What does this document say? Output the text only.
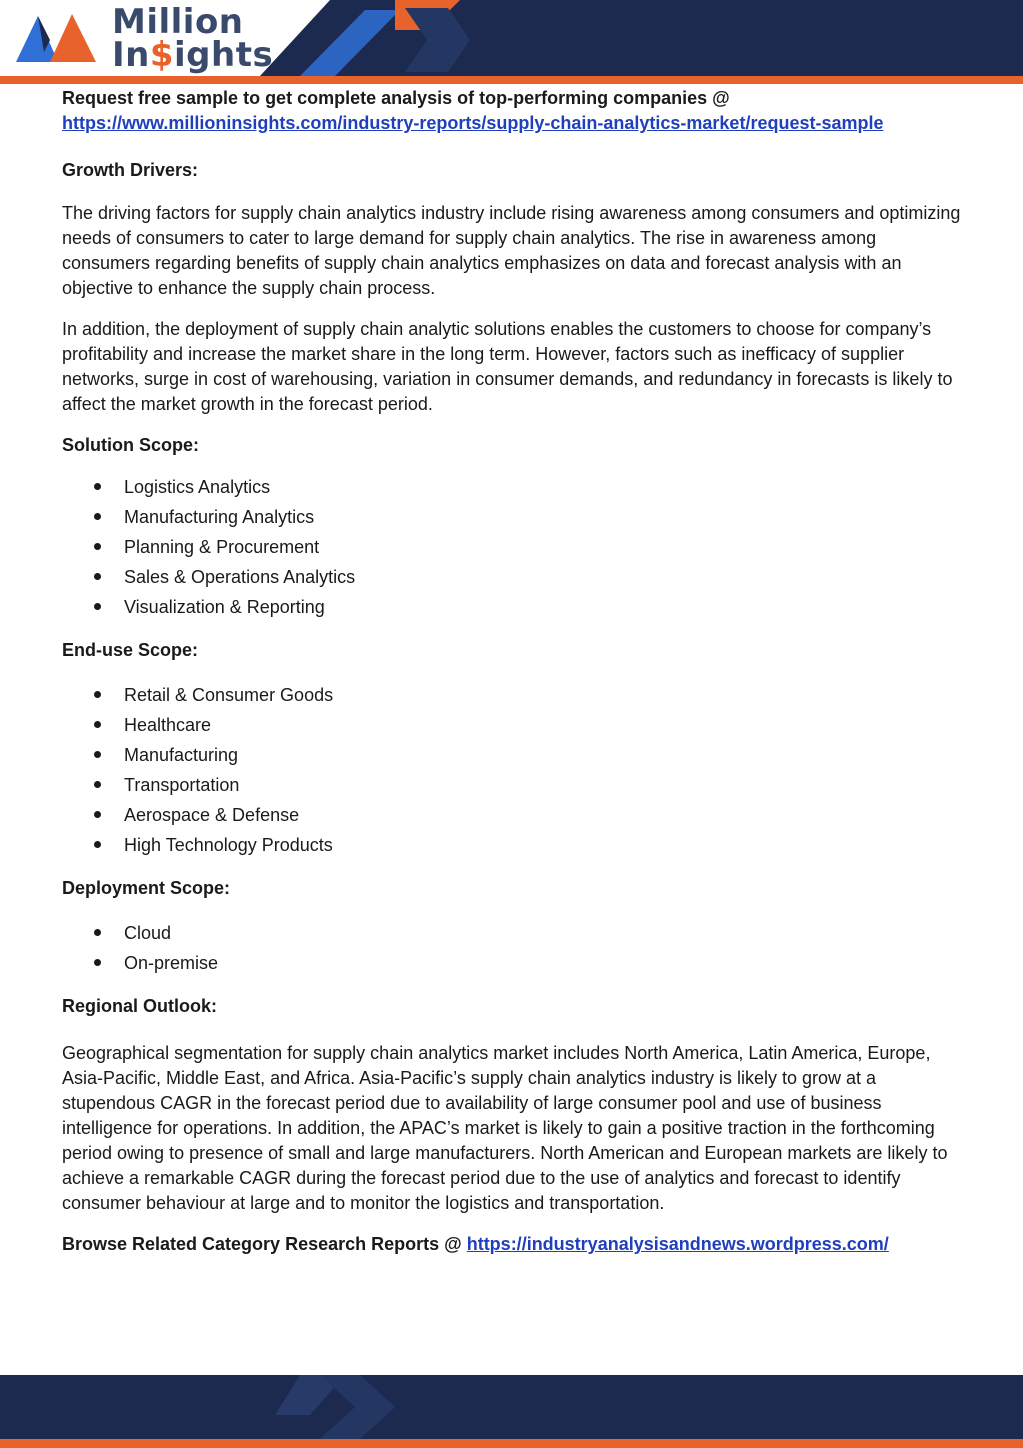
Million
In$ights

Request free sample to get complete analysis of top-performing companies @

https://www.millioninsights.com/industry-reports/supply-chain-analytics-market/request-sample

Growth Drivers:

The driving factors for supply chain analytics industry include rising awareness among consumers and optimizing needs of consumers to cater to large demand for supply chain analytics. The rise in awareness among consumers regarding benefits of supply chain analytics emphasizes on data and forecast analysis with an objective to enhance the supply chain process.

In addition, the deployment of supply chain analytic solutions enables the customers to choose for company’s profitability and increase the market share in the long term. However, factors such as inefficacy of supplier networks, surge in cost of warehousing, variation in consumer demands, and redundancy in forecasts is likely to affect the market growth in the forecast period.

Solution Scope:

Logistics Analytics
Manufacturing Analytics
Planning & Procurement
Sales & Operations Analytics
Visualization & Reporting

End-use Scope:

Retail & Consumer Goods
Healthcare
Manufacturing
Transportation
Aerospace & Defense
High Technology Products

Deployment Scope:

Cloud
On-premise

Regional Outlook:

Geographical segmentation for supply chain analytics market includes North America, Latin America, Europe, Asia-Pacific, Middle East, and Africa. Asia-Pacific’s supply chain analytics industry is likely to grow at a stupendous CAGR in the forecast period due to availability of large consumer pool and use of business intelligence for operations. In addition, the APAC’s market is likely to gain a positive traction in the forthcoming period owing to presence of small and large manufacturers. North American and European markets are likely to achieve a remarkable CAGR during the forecast period due to the use of analytics and forecast to identify consumer behaviour at large and to monitor the logistics and transportation.

Browse Related Category Research Reports @ https://industryanalysisandnews.wordpress.com/
